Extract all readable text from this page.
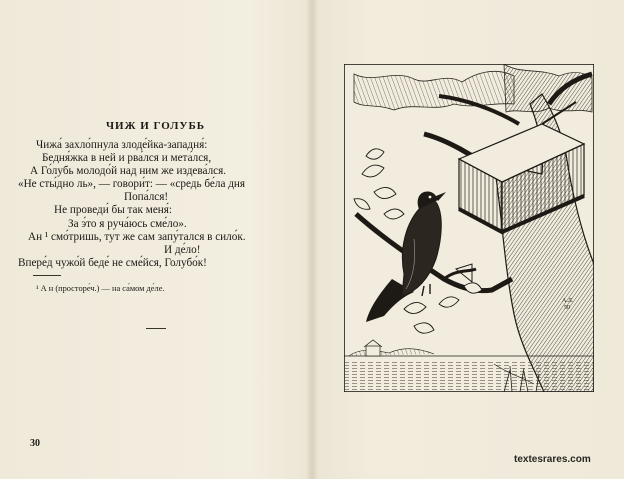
ЧИЖ И ГОЛУБЬ
Чижа́ захло́пнула злоде́йка-западня́:
Бедня́жка в ней и рва́лся и мета́лся,
А Го́лубь молодо́й над ним же издева́лся.
«Не сты́дно ль», — говори́т: — «средь бе́ла дня
Попа́лся!
Не проведи́ бы так меня́:
За э́то я руча́юсь сме́ло».
Ан ¹ смо́тришь, тут же сам запу́тался в сило́к.
И де́ло!
Впере́д чужо́й беде́ не сме́йся, Голубо́к!
¹ А н (просторе́ч.) — на са́мом де́ле.
30
А.Л. 50
textesrares.com
